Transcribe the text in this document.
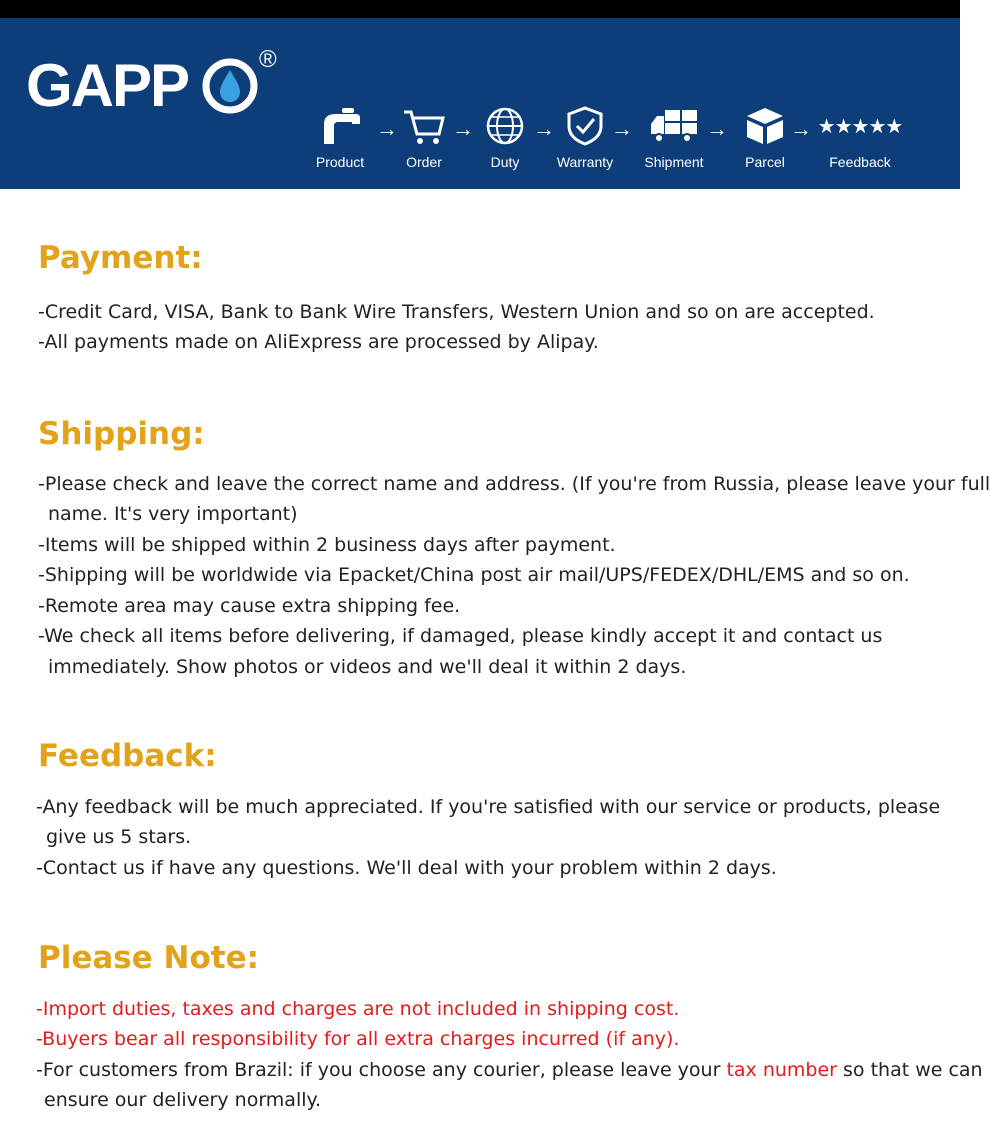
GAPP	®
Product
→
Order
→
Duty
→
Warranty
→
Shipment
→
Parcel
→ ★★★★★
Feedback
Payment:
-Credit Card, VISA, Bank to Bank Wire Transfers, Western Union and so on are accepted.
-All payments made on AliExpress are processed by Alipay.
Shipping:
-Please check and leave the correct name and address. (If you're from Russia, please leave your full
name. It's very important)
-Items will be shipped within 2 business days after payment.
-Shipping will be worldwide via Epacket/China post air mail/UPS/FEDEX/DHL/EMS and so on.
-Remote area may cause extra shipping fee.
-We check all items before delivering, if damaged, please kindly accept it and contact us
immediately. Show photos or videos and we'll deal it within 2 days.
Feedback:
-Any feedback will be much appreciated. If you're satisfied with our service or products, please
give us 5 stars.
-Contact us if have any questions. We'll deal with your problem within 2 days.
Please Note:
-Import duties, taxes and charges are not included in shipping cost.
-Buyers bear all responsibility for all extra charges incurred (if any).
-For customers from Brazil: if you choose any courier, please leave your tax number so that we can
ensure our delivery normally.
